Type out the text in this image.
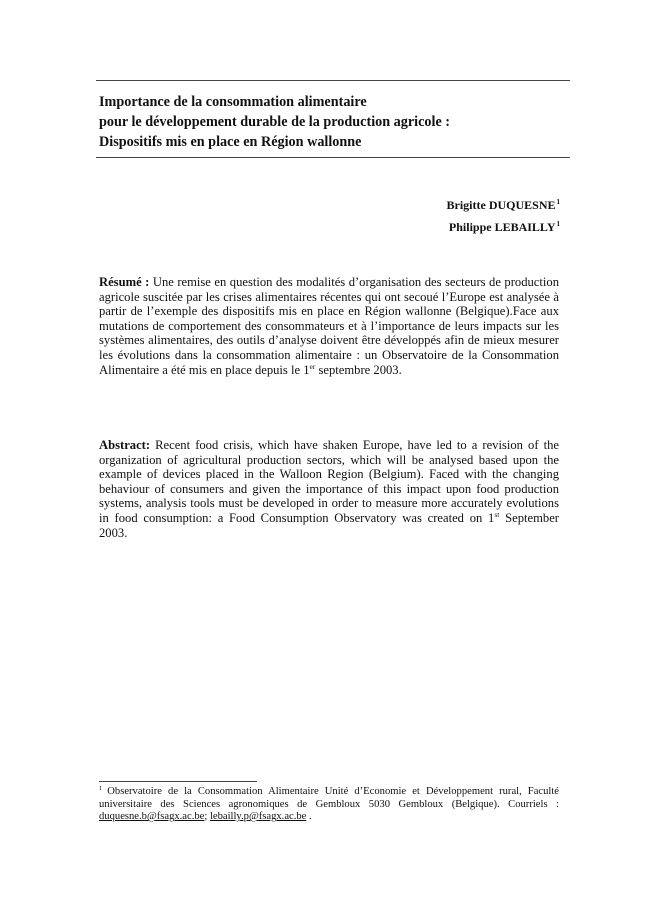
Importance de la consommation alimentaire
pour le développement durable de la production agricole :
Dispositifs mis en place en Région wallonne
Brigitte DUQUESNE$^1$
Philippe LEBAILLY$^1$
Résumé : Une remise en question des modalités d’organisation des secteurs de production agricole suscitée par les crises alimentaires récentes qui ont secoué l’Europe est analysée à partir de l’exemple des dispositifs mis en place en Région wallonne (Belgique).Face aux mutations de comportement des consommateurs et à l’importance de leurs impacts sur les systèmes alimentaires, des outils d’analyse doivent être développés afin de mieux mesurer les évolutions dans la consommation alimentaire : un Observatoire de la Consommation Alimentaire a été mis en place depuis le 1er septembre 2003.
Abstract: Recent food crisis, which have shaken Europe, have led to a revision of the organization of agricultural production sectors, which will be analysed based upon the example of devices placed in the Walloon Region (Belgium). Faced with the changing behaviour of consumers and given the importance of this impact upon food production systems, analysis tools must be developed in order to measure more accurately evolutions in food consumption: a Food Consumption Observatory was created on 1st September 2003.
$^1$ Observatoire de la Consommation Alimentaire Unité d’Economie et Développement rural, Faculté universitaire des Sciences agronomiques de Gembloux 5030 Gembloux (Belgique). Courriels : duquesne.b@fsagx.ac.be; lebailly.p@fsagx.ac.be .
